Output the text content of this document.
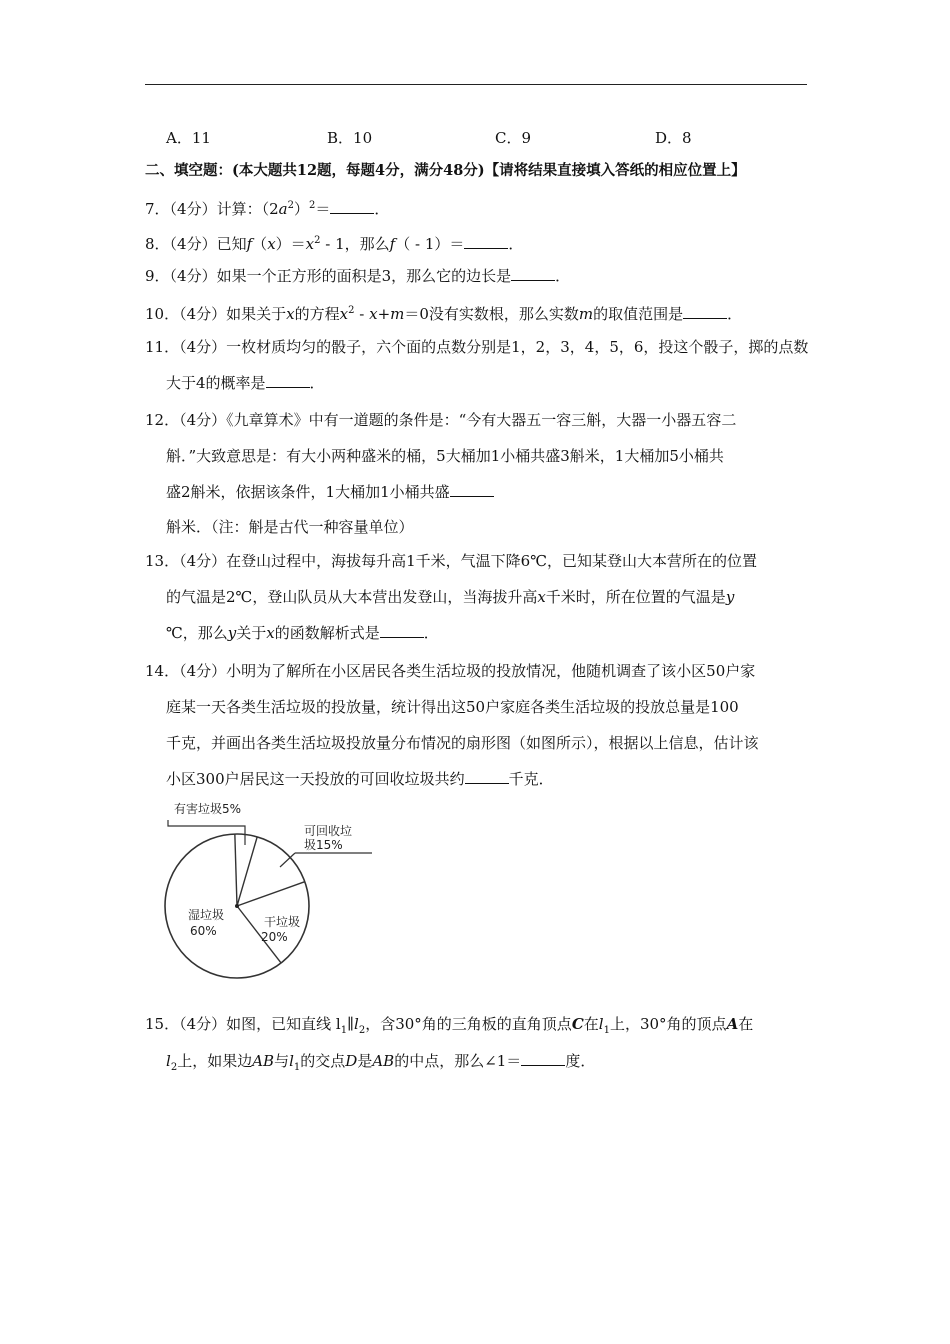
A．11	B．10	C．9	D．8
二、填空题：(本大题共12题，每题4分，满分48分)【请将结果直接填入答纸的相应位置上】
7．（4分）计算：$(2a^2)^2=$	．
8．（4分）已知$f(x)=x^2 - 1$，那么f（ - 1）＝	．
9．（4分）如果一个正方形的面积是3，那么它的边长是	．
10．（4分）如果关于x的方程$x^2 - x+m=0$没有实数根，那么实数m的取值范围是	．
11．（4分）一枚材质均匀的骰子，六个面的点数分别是1，2，3，4，5，6，投这个骰子，掷的点数
大于4的概率是	．
12．（4分）《九章算术》中有一道题的条件是：“今有大器五一容三斛，大器一小器五容二
斛．”大致意思是：有大小两种盛米的桶，5大桶加1小桶共盛3斛米，1大桶加5小桶共
盛2斛米，依据该条件，1大桶加1小桶共盛
斛米．（注：斛是古代一种容量单位）
13．（4分）在登山过程中，海拔每升高1千米，气温下降6℃，已知某登山大本营所在的位置
的气温是2℃，登山队员从大本营出发登山，当海拔升高x千米时，所在位置的气温是y
℃，那么y关于x的函数解析式是	．
14．（4分）小明为了解所在小区居民各类生活垃圾的投放情况，他随机调查了该小区50户家
庭某一天各类生活垃圾的投放量，统计得出这50户家庭各类生活垃圾的投放总量是100
千克，并画出各类生活垃圾投放量分布情况的扇形图（如图所示），根据以上信息，估计该
小区300户居民这一天投放的可回收垃圾共约	千克．
有害垃圾5%
可回收垃
圾15%
干垃圾
20%
湿垃圾
60%
15．（4分）如图，已知直线 $l_1\parallel l_2$，含30°角的三角板的直角顶点C在$l_1$上，30°角的顶点A在
$l_2$上，如果边AB与$l_1$的交点D是AB的中点，那么∠1＝	度．
